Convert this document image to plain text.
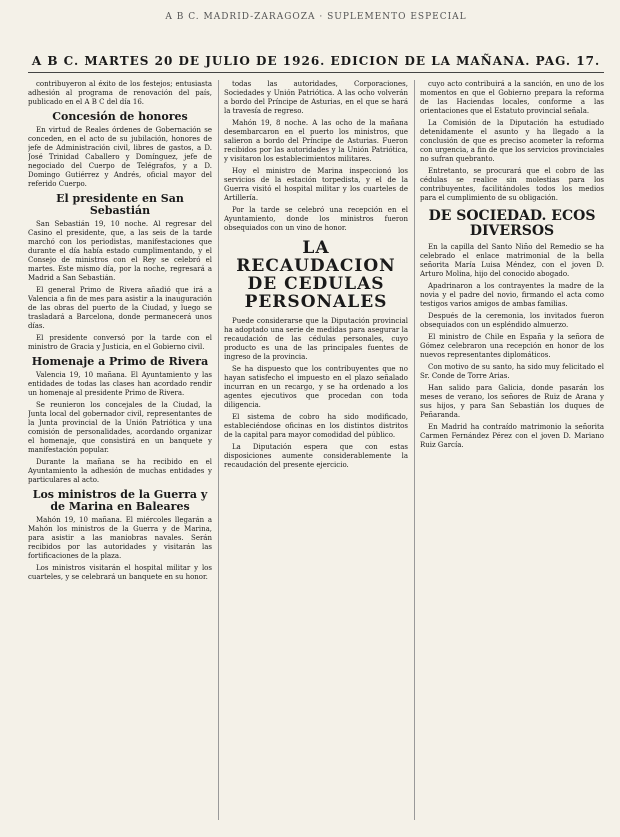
A B C. MADRID-ZARAGOZA · SUPLEMENTO ESPECIAL
A B C. MARTES 20 DE JULIO DE 1926. EDICION DE LA MAÑANA. PAG. 17.

contribuyeron al éxito de los festejos; entusiasta adhesión al programa de renovación del país, publicado en el A B C del día 16.

Concesión de honores

En virtud de Reales órdenes de Gobernación se conceden, en el acto de su jubilación, honores de jefe de Administración civil, libres de gastos, a D. José Trinidad Caballero y Domínguez, jefe de negociado del Cuerpo de Telégrafos, y a D. Domingo Gutiérrez y Andrés, oficial mayor del referido Cuerpo.

El presidente en San Sebastián

San Sebastián 19, 10 noche. Al regresar del Casino el presidente, que, a las seis de la tarde marchó con los periodistas, manifestaciones que durante el día había estado cumplimentando, y el Consejo de ministros con el Rey se celebró el martes. Este mismo día, por la noche, regresará a Madrid a San Sebastián.

El general Primo de Rivera añadió que irá a Valencia a fin de mes para asistir a la inauguración de las obras del puerto de la Ciudad, y luego se trasladará a Barcelona, donde permanecerá unos días.

El presidente conversó por la tarde con el ministro de Gracia y Justicia, en el Gobierno civil.

Homenaje a Primo de Rivera

Valencia 19, 10 mañana. El Ayuntamiento y las entidades de todas las clases han acordado rendir un homenaje al presidente Primo de Rivera.

Se reunieron los concejales de la Ciudad, la Junta local del gobernador civil, representantes de la Junta provincial de la Unión Patriótica y una comisión de personalidades, acordando organizar el homenaje, que consistirá en un banquete y manifestación popular.

Durante la mañana se ha recibido en el Ayuntamiento la adhesión de muchas entidades y particulares al acto.

Los ministros de la Guerra y de Marina en Baleares

Mahón 19, 10 mañana. El miércoles llegarán a Mahón los ministros de la Guerra y de Marina, para asistir a las maniobras navales. Serán recibidos por las autoridades y visitarán las fortificaciones de la plaza.

Los ministros visitarán el hospital militar y los cuarteles, y se celebrará un banquete en su honor.

todas las autoridades, Corporaciones, Sociedades y Unión Patriótica. A las ocho volverán a bordo del Príncipe de Asturias, en el que se hará la travesía de regreso.

Mahón 19, 8 noche. A las ocho de la mañana desembarcaron en el puerto los ministros, que salieron a bordo del Príncipe de Asturias. Fueron recibidos por las autoridades y la Unión Patriótica, y visitaron los establecimientos militares.

Hoy el ministro de Marina inspeccionó los servicios de la estación torpedista, y el de la Guerra visitó el hospital militar y los cuarteles de Artillería.

Por la tarde se celebró una recepción en el Ayuntamiento, donde los ministros fueron obsequiados con un vino de honor.

LA RECAUDACION DE CEDULAS PERSONALES

Puede considerarse que la Diputación provincial ha adoptado una serie de medidas para asegurar la recaudación de las cédulas personales, cuyo producto es una de las principales fuentes de ingreso de la provincia.

Se ha dispuesto que los contribuyentes que no hayan satisfecho el impuesto en el plazo señalado incurran en un recargo, y se ha ordenado a los agentes ejecutivos que procedan con toda diligencia.

El sistema de cobro ha sido modificado, estableciéndose oficinas en los distintos distritos de la capital para mayor comodidad del público.

La Diputación espera que con estas disposiciones aumente considerablemente la recaudación del presente ejercicio.

cuyo acto contribuirá a la sanción, en uno de los momentos en que el Gobierno prepara la reforma de las Haciendas locales, conforme a las orientaciones que el Estatuto provincial señala.

La Comisión de la Diputación ha estudiado detenidamente el asunto y ha llegado a la conclusión de que es preciso acometer la reforma con urgencia, a fin de que los servicios provinciales no sufran quebranto.

Entretanto, se procurará que el cobro de las cédulas se realice sin molestias para los contribuyentes, facilitándoles todos los medios para el cumplimiento de su obligación.

DE SOCIEDAD. ECOS DIVERSOS

En la capilla del Santo Niño del Remedio se ha celebrado el enlace matrimonial de la bella señorita María Luisa Méndez, con el joven D. Arturo Molina, hijo del conocido abogado.

Apadrinaron a los contrayentes la madre de la novia y el padre del novio, firmando el acta como testigos varios amigos de ambas familias.

Después de la ceremonia, los invitados fueron obsequiados con un espléndido almuerzo.

El ministro de Chile en España y la señora de Gómez celebraron una recepción en honor de los nuevos representantes diplomáticos.

Con motivo de su santo, ha sido muy felicitado el Sr. Conde de Torre Arias.

Han salido para Galicia, donde pasarán los meses de verano, los señores de Ruiz de Arana y sus hijos, y para San Sebastián los duques de Peñaranda.

En Madrid ha contraído matrimonio la señorita Carmen Fernández Pérez con el joven D. Mariano Ruiz García.
